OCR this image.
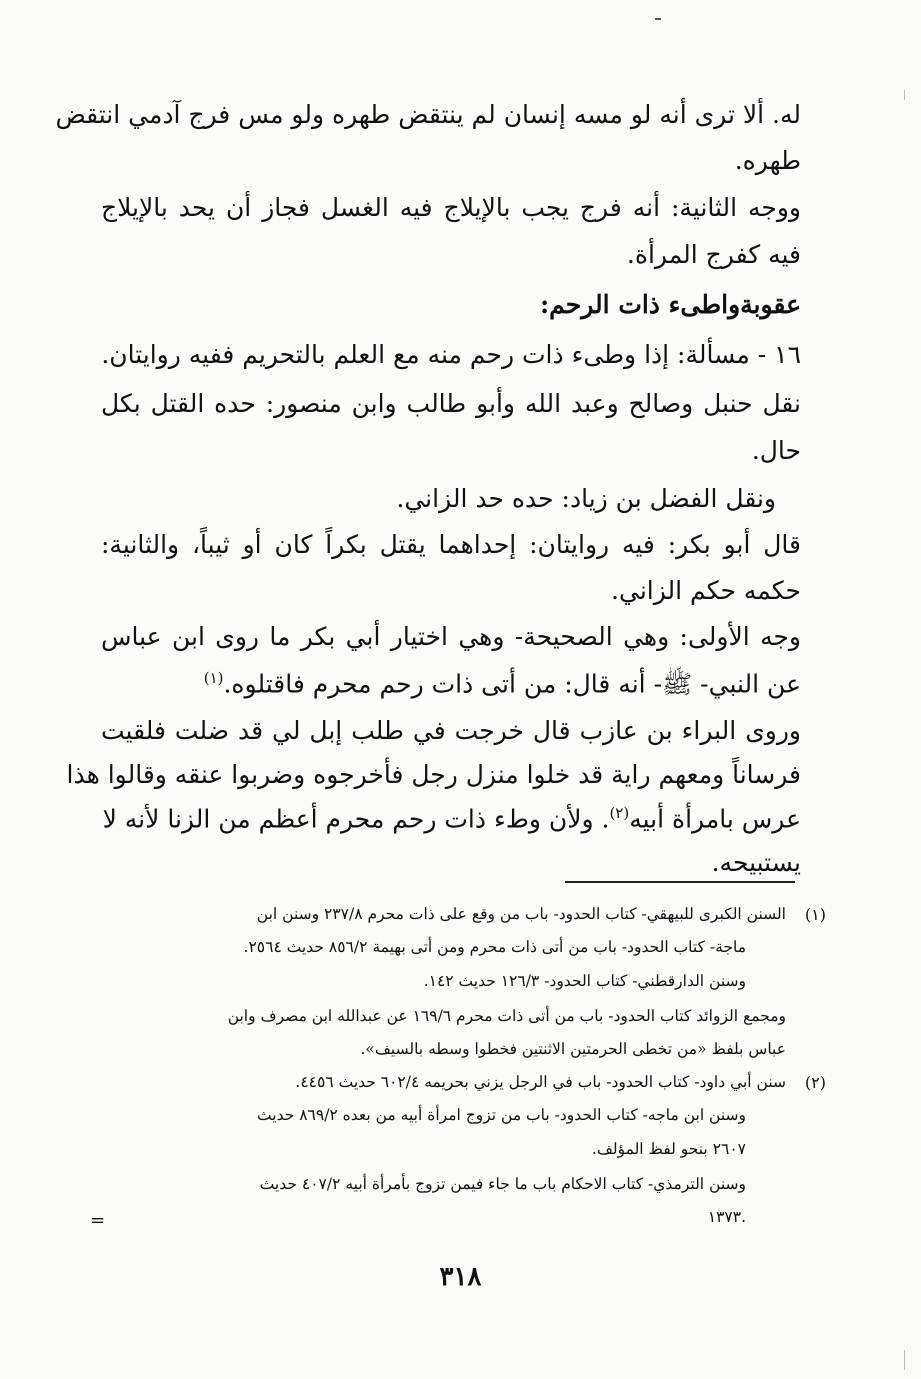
له. ألا ترى أنه لو مسه إنسان لم ينتقض طهره ولو مس فرج آدمي انتقض
طهره.
ووجه الثانية: أنه فرج يجب بالإيلاج فيه الغسل فجاز أن يحد بالإيلاج
فيه كفرج المرأة.
عقوبةواطىء ذات الرحم:
١٦ - مسألة: إذا وطىء ذات رحم منه مع العلم بالتحريم ففيه روايتان.
نقل حنبل وصالح وعبد الله وأبو طالب وابن منصور: حده القتل بكل
حال.
ونقل الفضل بن زياد: حده حد الزاني.
قال أبو بكر: فيه روايتان: إحداهما يقتل بكراً كان أو ثيباً، والثانية:
حكمه حكم الزاني.
وجه الأولى: وهي الصحيحة- وهي اختيار أبي بكر ما روى ابن عباس
عن النبي- ﷺ- أنه قال: من أتى ذات رحم محرم فاقتلوه.$^{(١)}$
وروى البراء بن عازب قال خرجت في طلب إبل لي قد ضلت فلقيت
فرساناً ومعهم راية قد خلوا منزل رجل فأخرجوه وضربوا عنقه وقالوا هذا
عرس بامرأة أبيه$^{(٢)}$. ولأن وطء ذات رحم محرم أعظم من الزنا لأنه لا
يستبيحه.
(١)
السنن الكبرى للبيهقي- كتاب الحدود- باب من وقع على ذات محرم ٢٣٧/٨ وسنن ابن
ماجة- كتاب الحدود- باب من أتى ذات محرم ومن أتى بهيمة ٨٥٦/٢ حديث ٢٥٦٤.
وسنن الدارقطني- كتاب الحدود- ١٢٦/٣ حديث ١٤٢.
ومجمع الزوائد كتاب الحدود- باب من أتى ذات محرم ١٦٩/٦ عن عبدالله ابن مصرف وابن
عباس بلفظ «من تخطى الحرمتين الاثنتين فخطوا وسطه بالسيف».
(٢)
سنن أبي داود- كتاب الحدود- باب في الرجل يزني بحريمه ٦٠٢/٤ حديث ٤٤٥٦.
وسنن ابن ماجه- كتاب الحدود- باب من تزوج امرأة أبيه من بعده ٨٦٩/٢ حديث
٢٦٠٧ بنحو لفظ المؤلف.
وسنن الترمذي- كتاب الاحكام باب ما جاء فيمن تزوج بأمرأة أبيه ٤٠٧/٢ حديث
.١٣٧٣
=
٣١٨
